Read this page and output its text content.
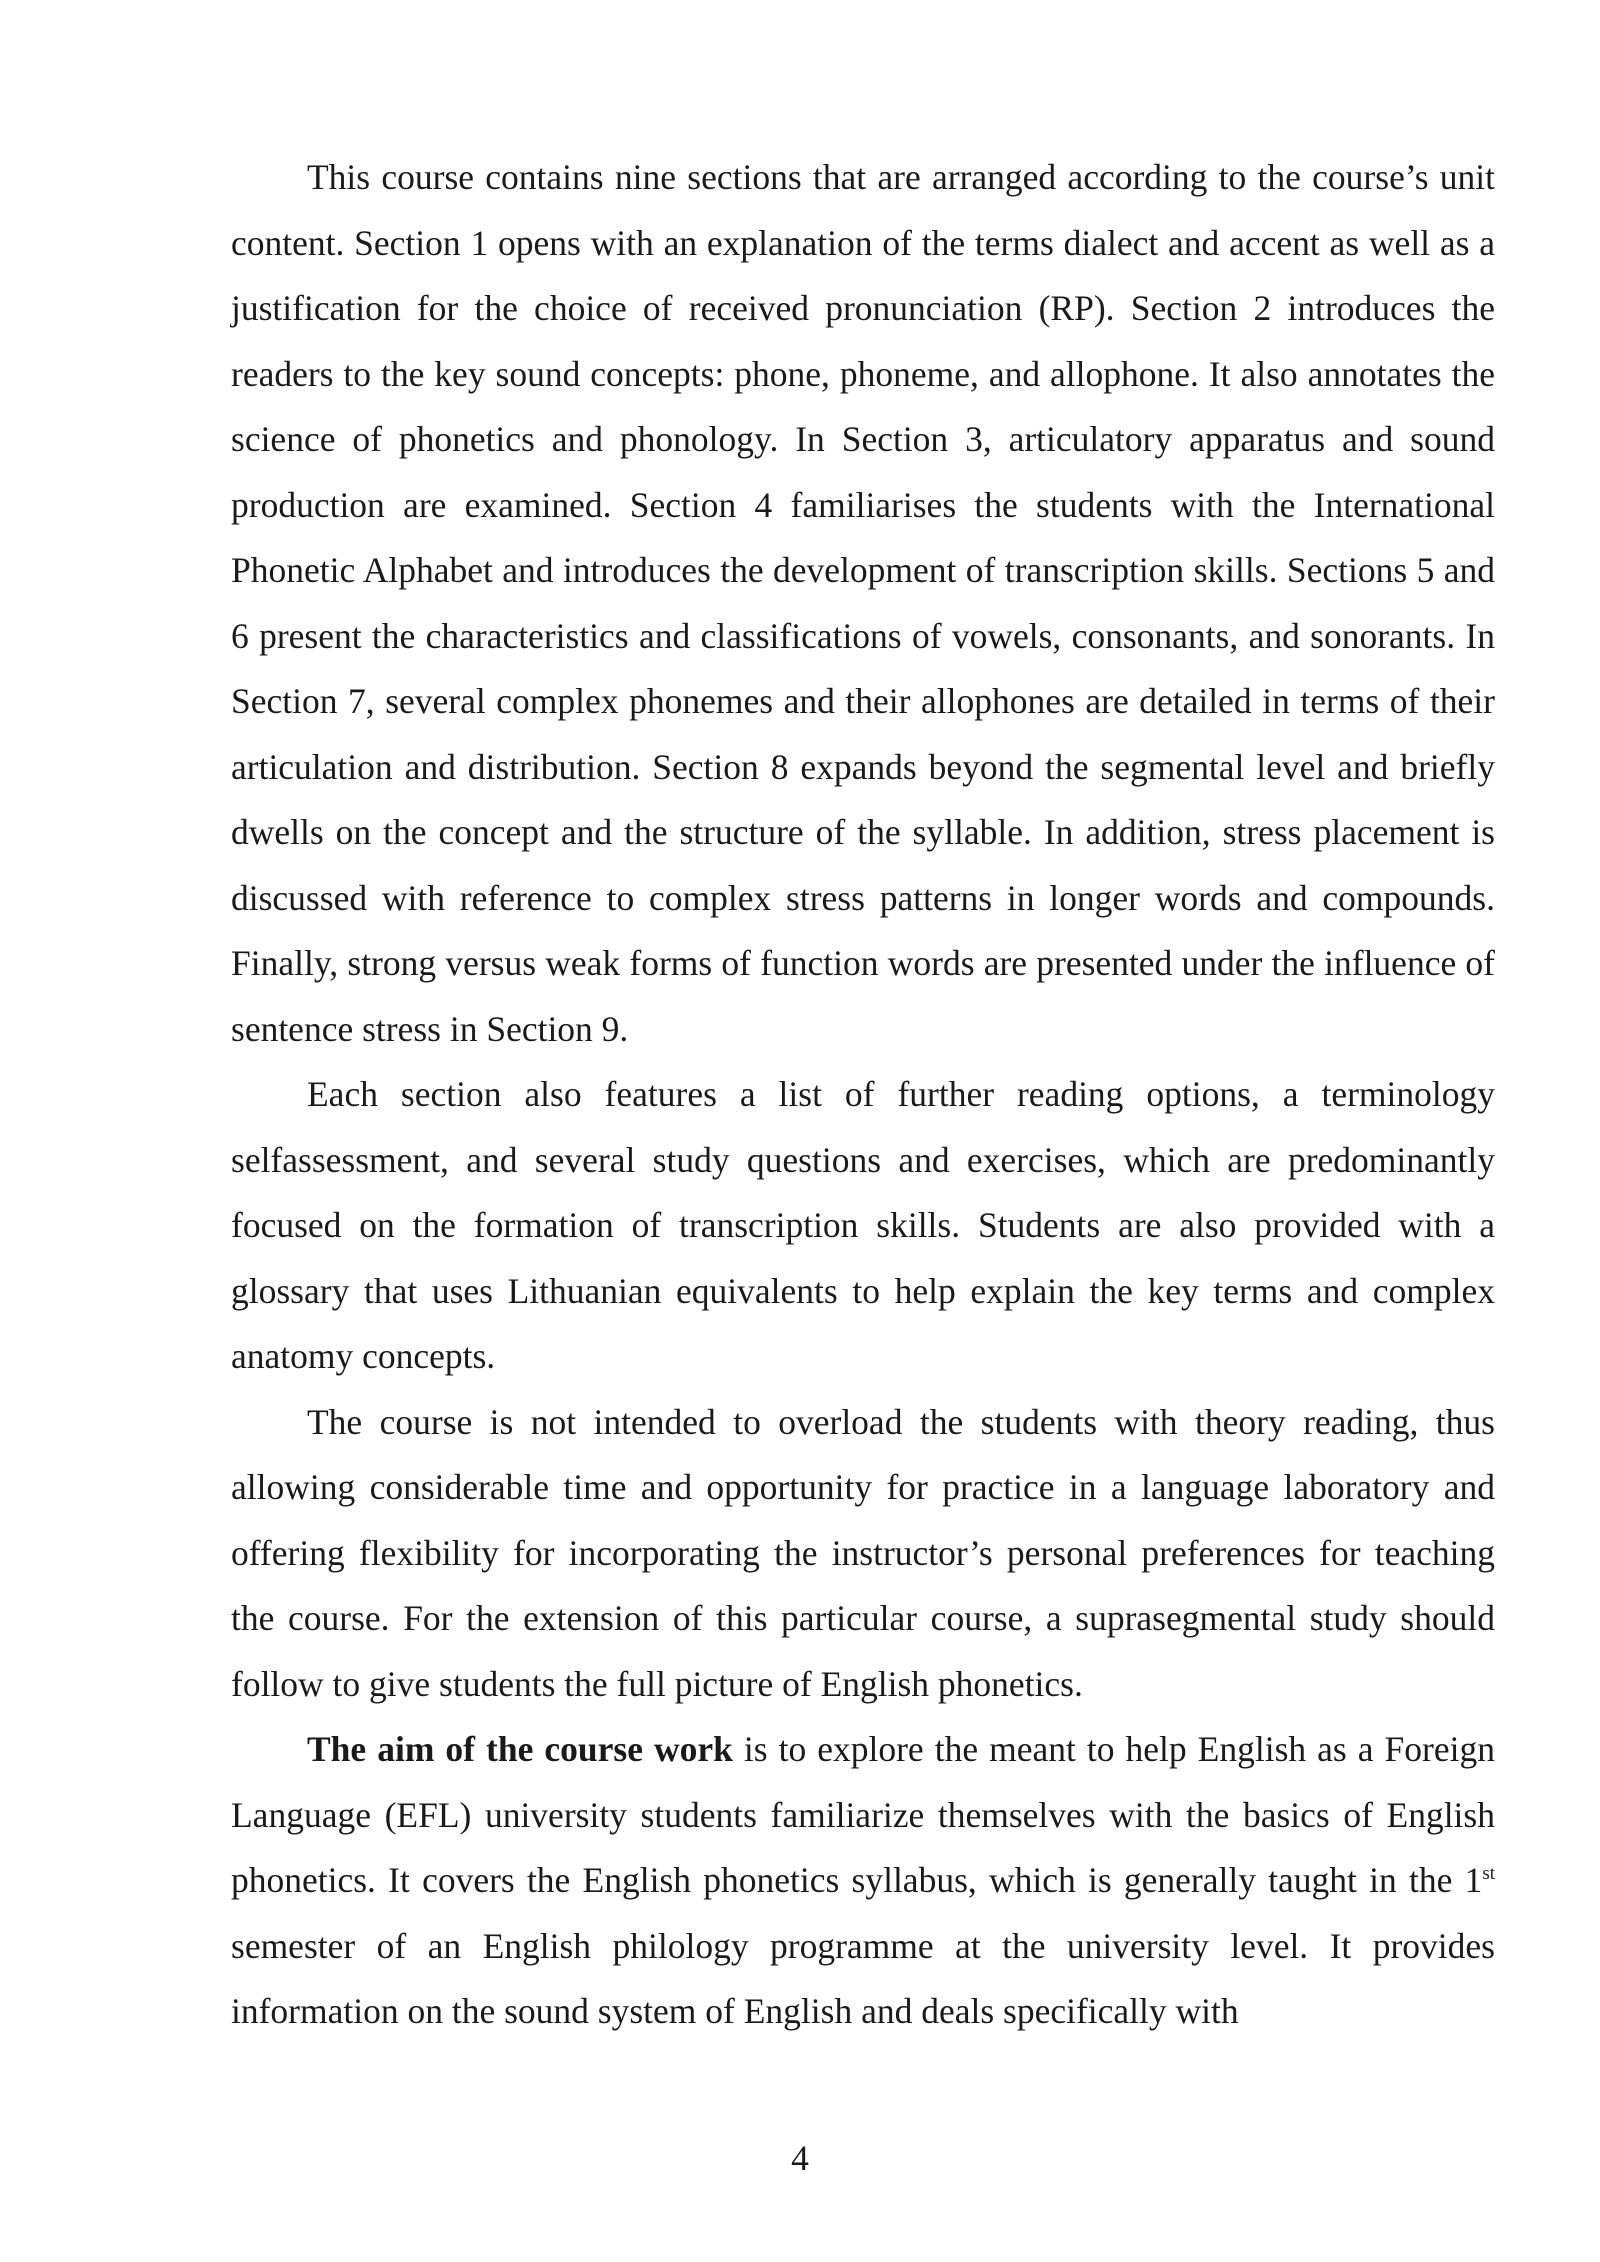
This course contains nine sections that are arranged according to the course’s unit content. Section 1 opens with an explanation of the terms dialect and accent as well as a justification for the choice of received pronunciation (RP). Section 2 introduces the readers to the key sound concepts: phone, phoneme, and allophone. It also annotates the science of phonetics and phonology. In Section 3, articulatory apparatus and sound production are examined. Section 4 familiarises the students with the International Phonetic Alphabet and introduces the development of transcription skills. Sections 5 and 6 present the characteristics and classifications of vowels, consonants, and sonorants. In Section 7, several complex phonemes and their allophones are detailed in terms of their articulation and distribution. Section 8 expands beyond the segmental level and briefly dwells on the concept and the structure of the syllable. In addition, stress placement is discussed with reference to complex stress patterns in longer words and compounds. Finally, strong versus weak forms of function words are presented under the influence of sentence stress in Section 9.

Each section also features a list of further reading options, a terminology selfassessment, and several study questions and exercises, which are predominantly focused on the formation of transcription skills. Students are also provided with a glossary that uses Lithuanian equivalents to help explain the key terms and complex anatomy concepts.

The course is not intended to overload the students with theory reading, thus allowing considerable time and opportunity for practice in a language laboratory and offering flexibility for incorporating the instructor’s personal preferences for teaching the course. For the extension of this particular course, a suprasegmental study should follow to give students the full picture of English phonetics.

The aim of the course work is to explore the meant to help English as a Foreign Language (EFL) university students familiarize themselves with the basics of English phonetics. It covers the English phonetics syllabus, which is generally taught in the 1st semester of an English philology programme at the university level. It provides information on the sound system of English and deals specifically with

4
